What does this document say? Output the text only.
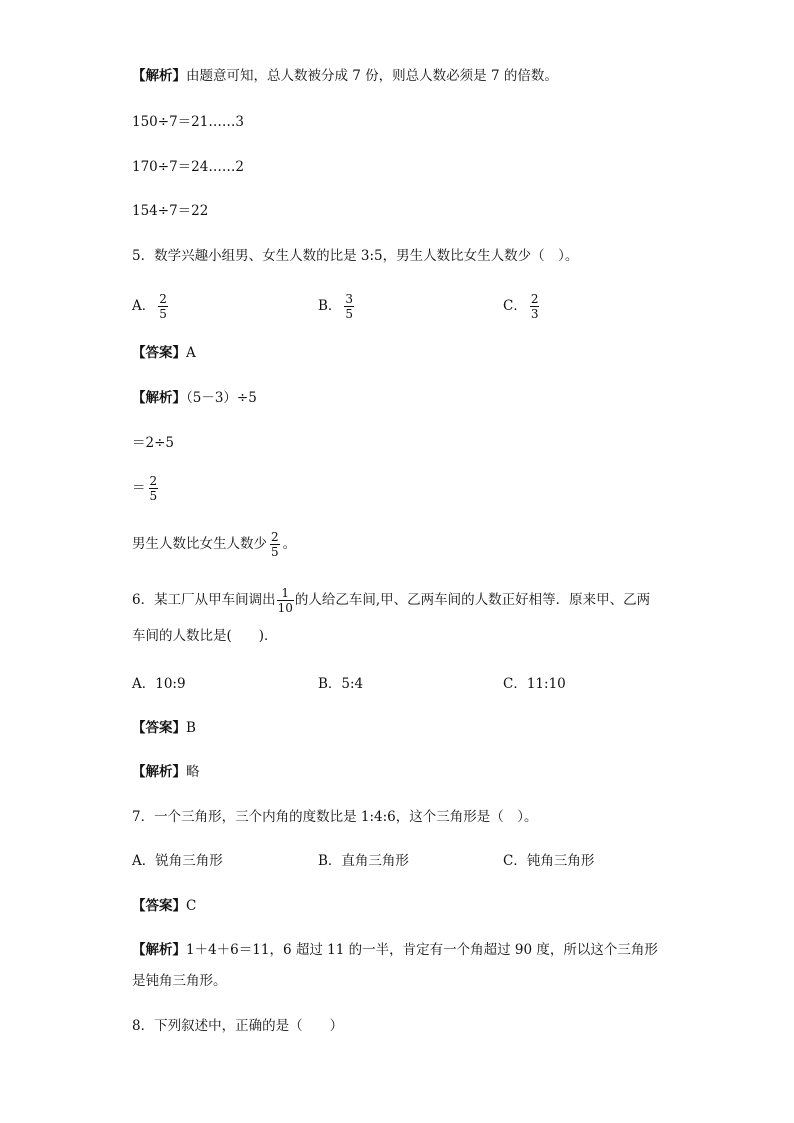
【解析】由题意可知，总人数被分成 7 份，则总人数必须是 7 的倍数。
150÷7＝21……3
170÷7＝24……2
154÷7＝22
5．数学兴趣小组男、女生人数的比是 3:5，男生人数比女生人数少（　）。
A． $\frac{2}{5}$	B． $\frac{3}{5}$	C． $\frac{2}{3}$
【答案】A
【解析】（5－3）÷5
＝2÷5
＝ $\frac{2}{5}$
男生人数比女生人数少 $\frac{2}{5}$ 。
6．某工厂从甲车间调出 $\frac{1}{10}$ 的人给乙车间,甲、乙两车间的人数正好相等．原来甲、乙两
车间的人数比是(　　)．
A．10:9	B．5:4	C．11:10
【答案】B
【解析】略
7．一个三角形，三个内角的度数比是 1:4:6，这个三角形是（　）。
A．锐角三角形	B．直角三角形	C．钝角三角形
【答案】C
【解析】1＋4＋6＝11，6 超过 11 的一半，肯定有一个角超过 90 度，所以这个三角形
是钝角三角形。
8．下列叙述中，正确的是（　　）
